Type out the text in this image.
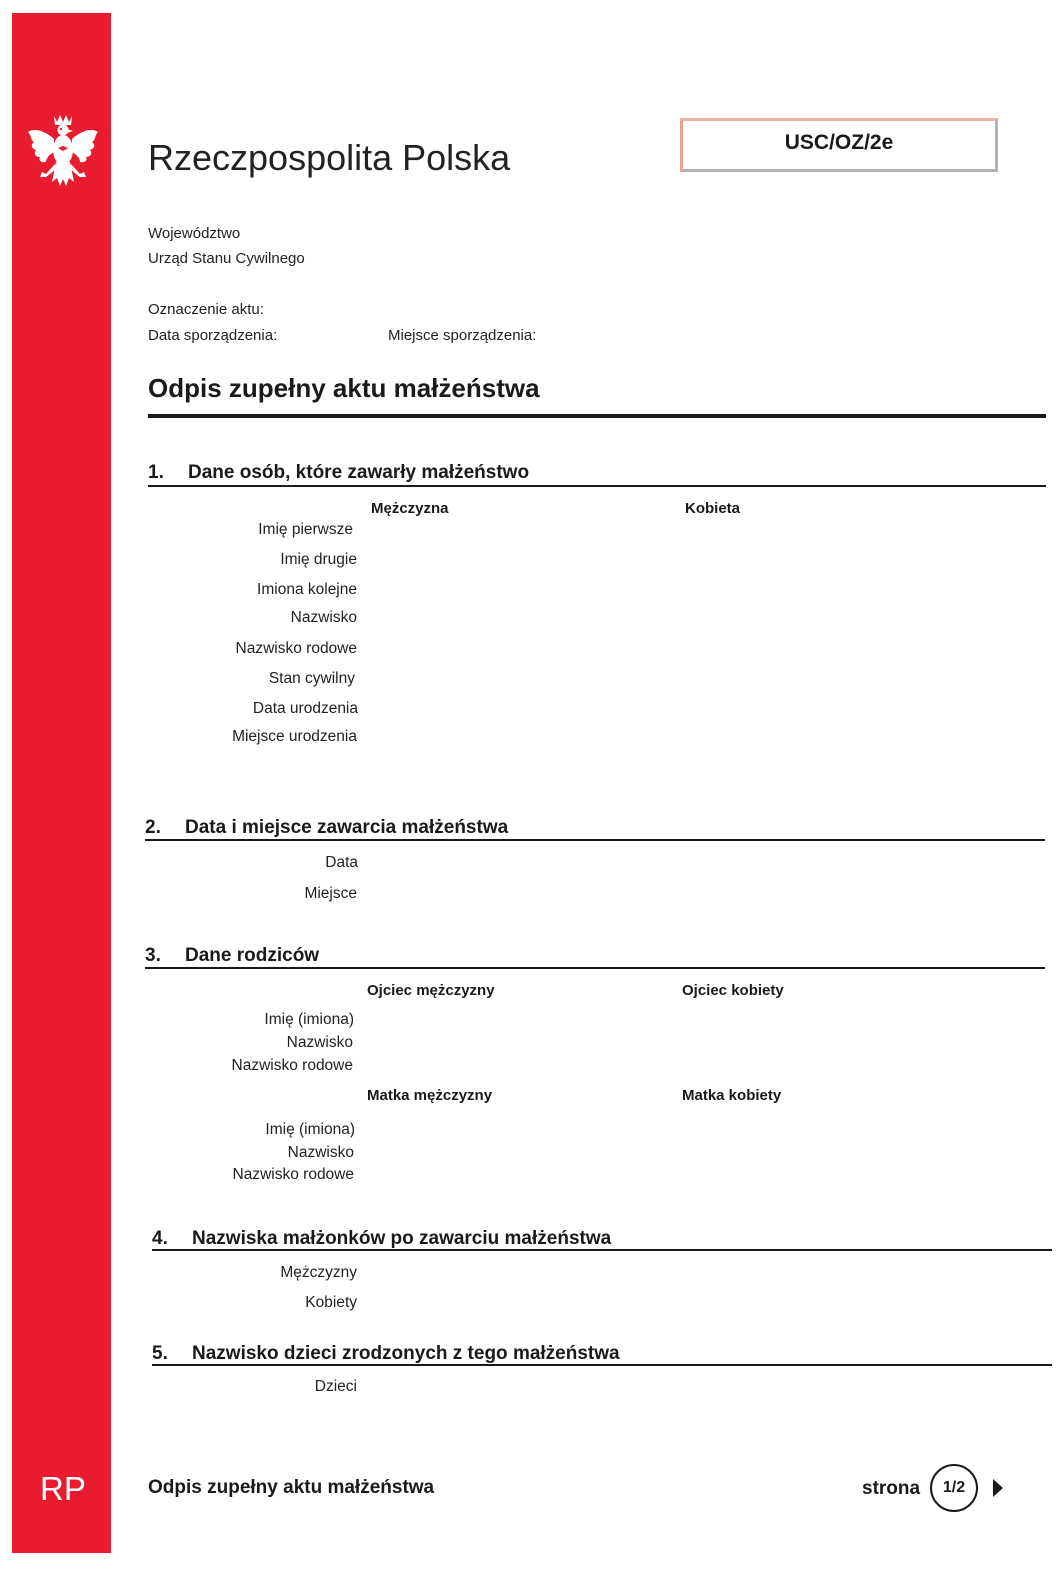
RP
Rzeczpospolita Polska	USC/OZ/2e
Województwo
Urząd Stanu Cywilnego
Oznaczenie aktu:
Data sporządzenia:	Miejsce sporządzenia:
Odpis zupełny aktu małżeństwa
1. Dane osób, które zawarły małżeństwo
Mężczyzna	Kobieta
Imię pierwsze
Imię drugie
Imiona kolejne
Nazwisko
Nazwisko rodowe
Stan cywilny
Data urodzenia
Miejsce urodzenia
2. Data i miejsce zawarcia małżeństwa
Data
Miejsce
3. Dane rodziców
Ojciec mężczyzny	Ojciec kobiety
Imię (imiona)
Nazwisko
Nazwisko rodowe
Matka mężczyzny	Matka kobiety
Imię (imiona)
Nazwisko
Nazwisko rodowe
4. Nazwiska małżonków po zawarciu małżeństwa
Mężczyzny
Kobiety
5. Nazwisko dzieci zrodzonych z tego małżeństwa
Dzieci
Odpis zupełny aktu małżeństwa	strona 1/2
